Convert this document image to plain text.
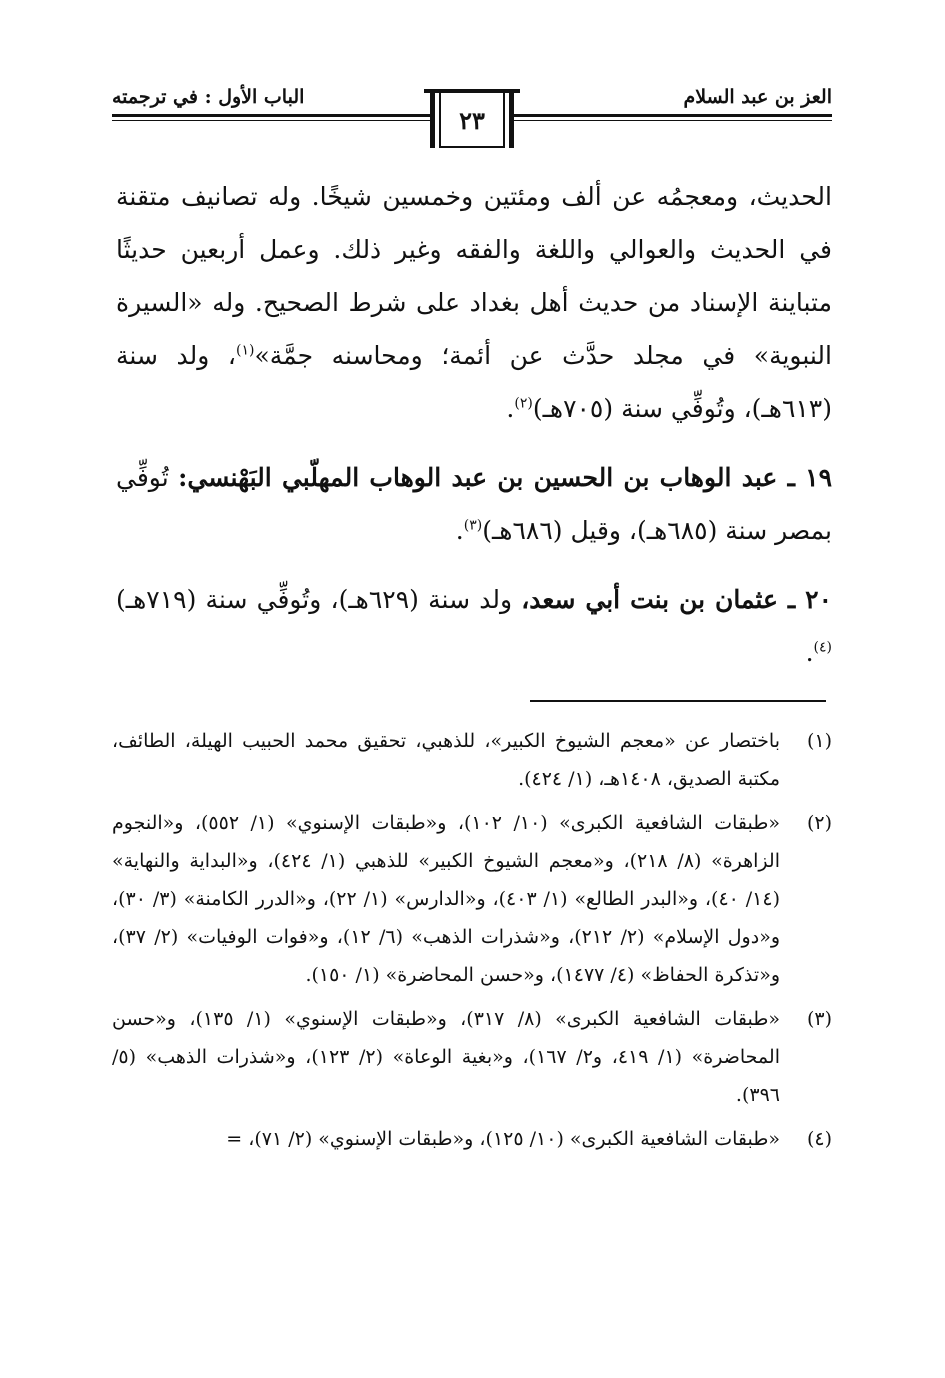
العز بن عبد السلام
الباب الأول : في ترجمته
٢٣

الحديث، ومعجمُه عن ألف ومئتين وخمسين شيخًا. وله تصانيف متقنة في الحديث والعوالي واللغة والفقه وغير ذلك. وعمل أربعين حديثًا متباينة الإسناد من حديث أهل بغداد على شرط الصحيح. وله «السيرة النبوية» في مجلد حدَّث عن أئمة؛ ومحاسنه جمَّة»$^{(١)}$، ولد سنة (٦١٣هـ)، وتُوفِّي سنة (٧٠٥هـ)$^{(٢)}$.

١٩ ـ عبد الوهاب بن الحسين بن عبد الوهاب المهلّبي البَهْنسي: تُوفِّي بمصر سنة (٦٨٥هـ)، وقيل (٦٨٦هـ)$^{(٣)}$.

٢٠ ـ عثمان بن بنت أبي سعد، ولد سنة (٦٢٩هـ)، وتُوفِّي سنة (٧١٩هـ)$^{(٤)}$.

(١)
باختصار عن «معجم الشيوخ الكبير»، للذهبي، تحقيق محمد الحبيب الهيلة، الطائف، مكتبة الصديق، ١٤٠٨هـ، (١/ ٤٢٤).
(٢)
«طبقات الشافعية الكبرى» (١٠/ ١٠٢)، و«طبقات الإسنوي» (١/ ٥٥٢)، و«النجوم الزاهرة» (٨/ ٢١٨)، و«معجم الشيوخ الكبير» للذهبي (١/ ٤٢٤)، و«البداية والنهاية» (١٤/ ٤٠)، و«البدر الطالع» (١/ ٤٠٣)، و«الدارس» (١/ ٢٢)، و«الدرر الكامنة» (٣/ ٣٠)، و«دول الإسلام» (٢/ ٢١٢)، و«شذرات الذهب» (٦/ ١٢)، و«فوات الوفيات» (٢/ ٣٧)، و«تذكرة الحفاظ» (٤/ ١٤٧٧)، و«حسن المحاضرة» (١/ ١٥٠).
(٣)
«طبقات الشافعية الكبرى» (٨/ ٣١٧)، و«طبقات الإسنوي» (١/ ١٣٥)، و«حسن المحاضرة» (١/ ٤١٩، و٢/ ١٦٧)، و«بغية الوعاة» (٢/ ١٢٣)، و«شذرات الذهب» (٥/ ٣٩٦).
(٤)
«طبقات الشافعية الكبرى» (١٠/ ١٢٥)، و«طبقات الإسنوي» (٢/ ٧١)، =
